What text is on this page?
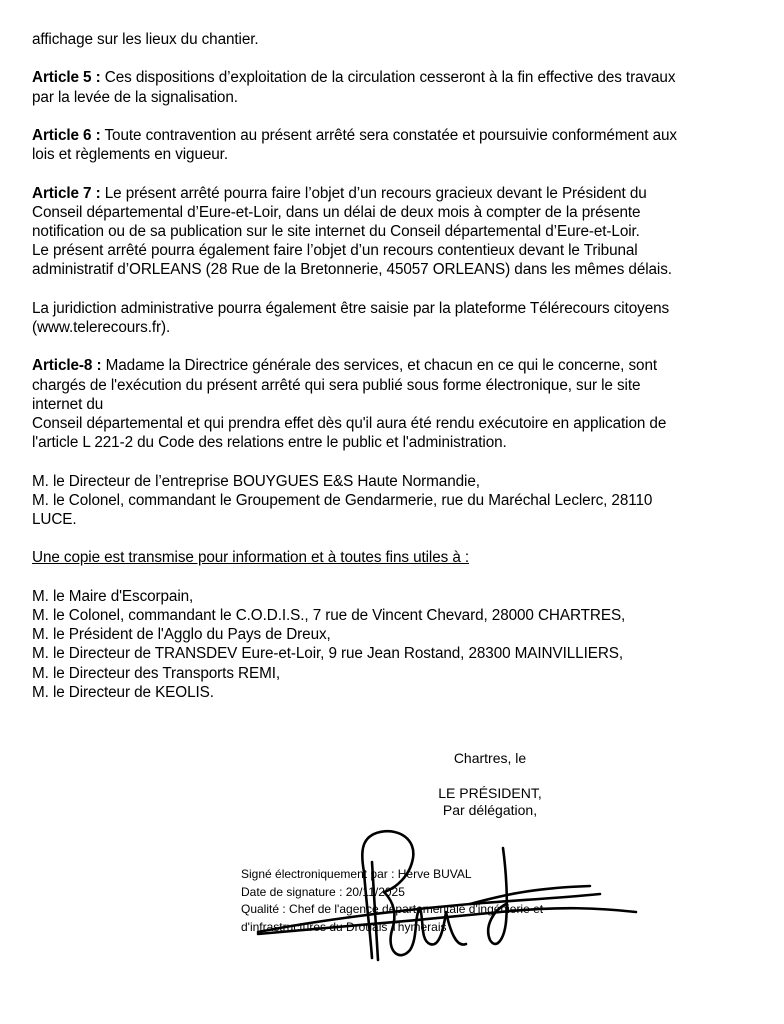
affichage sur les lieux du chantier.

Article 5 : Ces dispositions d’exploitation de la circulation cesseront à la fin effective des travaux
par la levée de la signalisation.

Article 6 : Toute contravention au présent arrêté sera constatée et poursuivie conformément aux
lois et règlements en vigueur.

Article 7 : Le présent arrêté pourra faire l’objet d’un recours gracieux devant le Président du
Conseil départemental d’Eure-et-Loir, dans un délai de deux mois à compter de la présente
notification ou de sa publication sur le site internet du Conseil départemental d’Eure-et-Loir.
Le présent arrêté pourra également faire l’objet d’un recours contentieux devant le Tribunal
administratif d’ORLEANS (28 Rue de la Bretonnerie, 45057 ORLEANS) dans les mêmes délais.

La juridiction administrative pourra également être saisie par la plateforme Télérecours citoyens
(www.telerecours.fr).

Article-8 : Madame la Directrice générale des services, et chacun en ce qui le concerne, sont
chargés de l'exécution du présent arrêté qui sera publié sous forme électronique, sur le site
internet du
Conseil départemental et qui prendra effet dès qu'il aura été rendu exécutoire en application de
l'article L 221-2 du Code des relations entre le public et l'administration.

M. le Directeur de l’entreprise BOUYGUES E&S Haute Normandie,
M. le Colonel, commandant le Groupement de Gendarmerie, rue du Maréchal Leclerc, 28110
LUCE.

Une copie est transmise pour information et à toutes fins utiles à :

M. le Maire d'Escorpain,
M. le Colonel, commandant le C.O.D.I.S., 7 rue de Vincent Chevard, 28000 CHARTRES,
M. le Président de l'Agglo du Pays de Dreux,
M. le Directeur de TRANSDEV Eure-et-Loir, 9 rue Jean Rostand, 28300 MAINVILLIERS,
M. le Directeur des Transports REMI,
M. le Directeur de KEOLIS.

Chartres, le
LE PRÉSIDENT,
Par délégation,
Signé électroniquement par : Herve BUVAL
Date de signature : 20/11/2025
Qualité : Chef de l'agence départementale d'ingénierie et
d'infrastructures du Drouais Thymerais
